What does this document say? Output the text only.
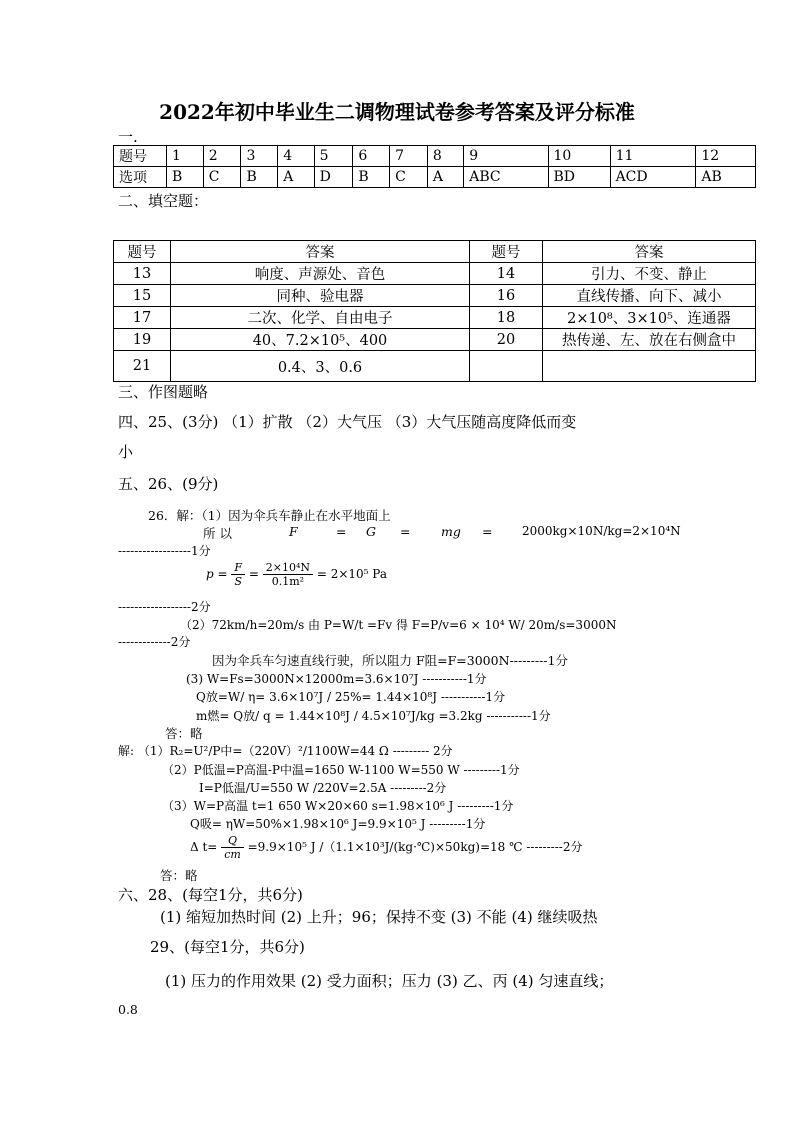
2022年初中毕业生二调物理试卷参考答案及评分标准
一.
题号	1	2	3	4	5	6	7	8	9	10	11	12
选项	B	C	B	A	D	B	C	A	ABC	BD	ACD	AB
二、填空题：
题号	答案	题号	答案
13	响度、声源处、音色	14	引力、不变、静止
15	同种、验电器	16	直线传播、向下、减小
17	二次、化学、自由电子	18	2×10⁸、3×10⁵、连通器
19	40、7.2×10⁵、400	20	热传递、左、放在右侧盒中
21	0.4、3、0.6		
三、作图题略
四、25、(3分) （1）扩散 （2）大气压 （3）大气压随高度降低而变
小
五、26、(9分)
26．解：（1）因为伞兵车静止在水平地面上
所 以	F	= G = mg = 2000kg×10N/kg=2×10⁴N
------------------1分
$p = \frac{F}{S} = \frac{\text{2×10⁴N}}{\text{0.1m²}} = 2\times 10^5$ Pa
------------------2分
（2）72km/h=20m/s 由 P=W/t =Fv 得 F=P/v=6 × 10⁴ W/ 20m/s=3000N
-------------2分
因为伞兵车匀速直线行驶，所以阻力 F阻=F=3000N---------1分
(3) W=Fs=3000N×12000m=3.6×10⁷J -----------1分
Q放=W/ η= 3.6×10⁷J / 25%= 1.44×10⁸J -----------1分
m燃= Q放/ q = 1.44×10⁸J / 4.5×10⁷J/kg =3.2kg -----------1分
答：略
解: （1）R₂=U²/P中=（220V）²/1100W=44 Ω --------- 2分
（2）P低温=P高温-P中温=1650 W-1100 W=550 W ---------1分
I=P低温/U=550 W /220V=2.5A ---------2分
（3）W=P高温 t=1 650 W×20×60 s=1.98×10⁶ J ---------1分
Q吸= ηW=50%×1.98×10⁶ J=9.9×10⁵ J ---------1分
Δ $t= \frac{Q}{cm} =9.9\times 10^5$ J /（1.1×10³J/(kg·℃)×50kg)=18 ℃ ---------2分
答：略
六、28、(每空1分，共6分)
(1) 缩短加热时间 (2) 上升；96；保持不变 (3) 不能 (4) 继续吸热
29、(每空1分，共6分)
(1) 压力的作用效果 (2) 受力面积；压力 (3) 乙、丙 (4) 匀速直线；
0.8
